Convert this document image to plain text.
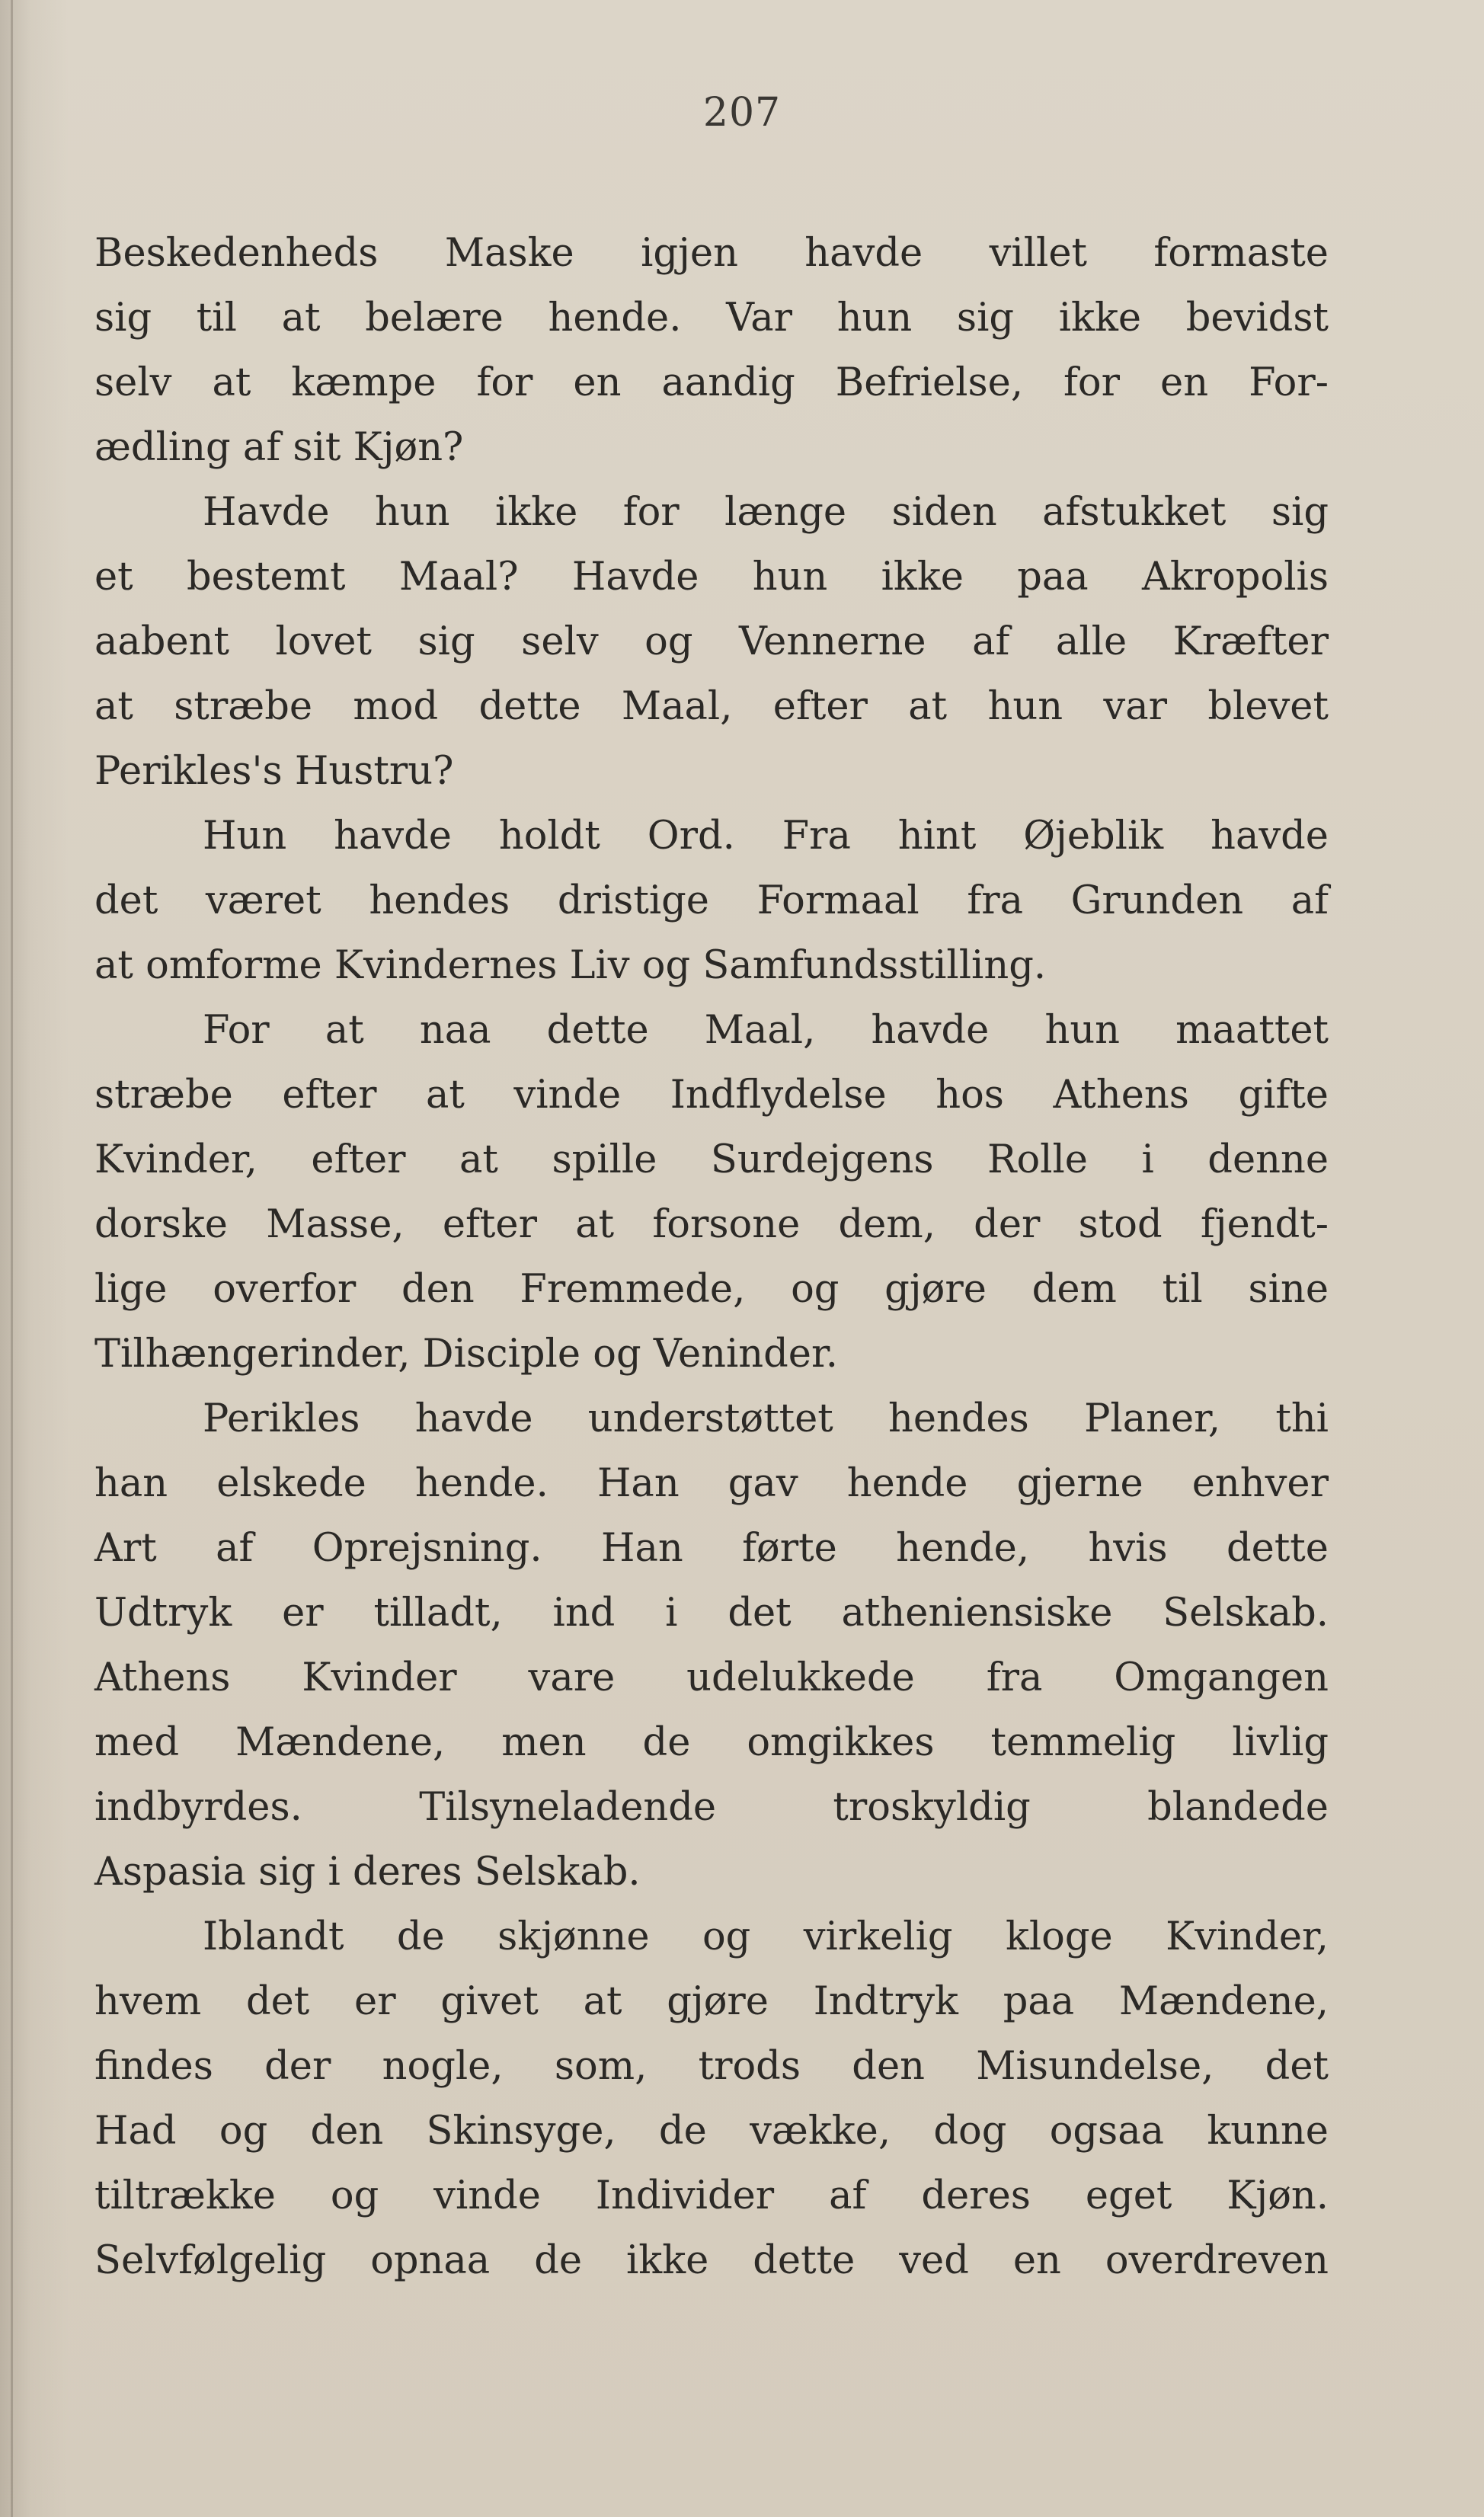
207
Beskedenheds Maske igjen havde villet formaste
sig til at belære hende. Var hun sig ikke bevidst
selv at kæmpe for en aandig Befrielse, for en For-
ædling af sit Kjøn?
Havde hun ikke for længe siden afstukket sig
et bestemt Maal? Havde hun ikke paa Akropolis
aabent lovet sig selv og Vennerne af alle Kræfter
at stræbe mod dette Maal, efter at hun var blevet
Perikles's Hustru?
Hun havde holdt Ord. Fra hint Øjeblik havde
det været hendes dristige Formaal fra Grunden af
at omforme Kvindernes Liv og Samfundsstilling.
For at naa dette Maal, havde hun maattet
stræbe efter at vinde Indflydelse hos Athens gifte
Kvinder, efter at spille Surdejgens Rolle i denne
dorske Masse, efter at forsone dem, der stod fjendt-
lige overfor den Fremmede, og gjøre dem til sine
Tilhængerinder, Disciple og Veninder.
Perikles havde understøttet hendes Planer, thi
han elskede hende. Han gav hende gjerne enhver
Art af Oprejsning. Han førte hende, hvis dette
Udtryk er tilladt, ind i det atheniensiske Selskab.
Athens Kvinder vare udelukkede fra Omgangen
med Mændene, men de omgikkes temmelig livlig
indbyrdes. Tilsyneladende troskyldig blandede
Aspasia sig i deres Selskab.
Iblandt de skjønne og virkelig kloge Kvinder,
hvem det er givet at gjøre Indtryk paa Mændene,
findes der nogle, som, trods den Misundelse, det
Had og den Skinsyge, de vække, dog ogsaa kunne
tiltrække og vinde Individer af deres eget Kjøn.
Selvfølgelig opnaa de ikke dette ved en overdreven
